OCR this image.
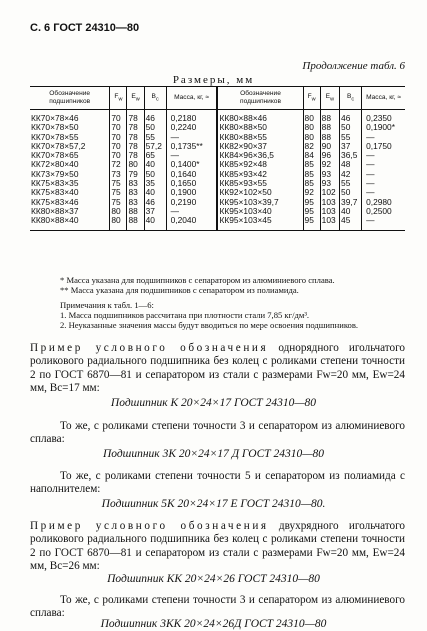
С. 6 ГОСТ 24310—80
Продолжение табл. 6
Размеры, мм
Обозначение подшипников	$F_w$	$E_w$	$B_c$	Масса, кг, ≈	Обозначение подшипников	$F_w$	$E_w$	$B_c$	Масса, кг, ≈
КК70×78×46	70	78	46	0,2180	КК80×88×46	80	88	46	0,2350
КК70×78×50	70	78	50	0,2240	КК80×88×50	80	88	50	0,1900*
КК70×78×55	70	78	55	—	КК80×88×55	80	88	55	—
КК70×78×57,2	70	78	57,2	0,1735**	КК82×90×37	82	90	37	0,1750
КК70×78×65	70	78	65	—	КК84×96×36,5	84	96	36,5	—
КК72×80×40	72	80	40	0,1400*	КК85×92×48	85	92	48	—
КК73×79×50	73	79	50	0,1640	КК85×93×42	85	93	42	—
КК75×83×35	75	83	35	0,1650	КК85×93×55	85	93	55	—
КК75×83×40	75	83	40	0,1900	КК92×102×50	92	102	50	—
КК75×83×46	75	83	46	0,2190	КК95×103×39,7	95	103	39,7	0,2980
КК80×88×37	80	88	37	—	КК95×103×40	95	103	40	0,2500
КК80×88×40	80	88	40	0,2040	КК95×103×45	95	103	45	—
* Масса указана для подшипников с сепаратором из алюминиевого сплава.
** Масса указана для подшипников с сепаратором из полиамида.
Примечания к табл. 1—6:
1. Масса подшипников рассчитана при плотности стали 7,85 кг/дм³.
2. Неуказанные значения массы будут вводиться по мере освоения подшипников.
Пример условного обозначения однорядного игольчатого роликового радиального подшипника без колец с роликами степени точности 2 по ГОСТ 6870—81 и сепаратором из стали с размерами Fw=20 мм, Ew=24 мм, Bc=17 мм:
Подшипник К 20×24×17 ГОСТ 24310—80
То же, с роликами степени точности 3 и сепаратором из алюминиевого сплава:
Подшипник 3К 20×24×17 Д ГОСТ 24310—80
То же, с роликами степени точности 5 и сепаратором из полиамида с наполнителем:
Подшипник 5К 20×24×17 Е ГОСТ 24310—80.
Пример условного обозначения двухрядного игольчатого роликового радиального подшипника без колец с роликами степени точности 2 по ГОСТ 6870—81 и сепаратором из стали с размерами Fw=20 мм, Ew=24 мм, Bc=26 мм:
Подшипник КК 20×24×26 ГОСТ 24310—80
То же, с роликами степени точности 3 и сепаратором из алюминиевого сплава:
Подшипник 3КК 20×24×26Д ГОСТ 24310—80
